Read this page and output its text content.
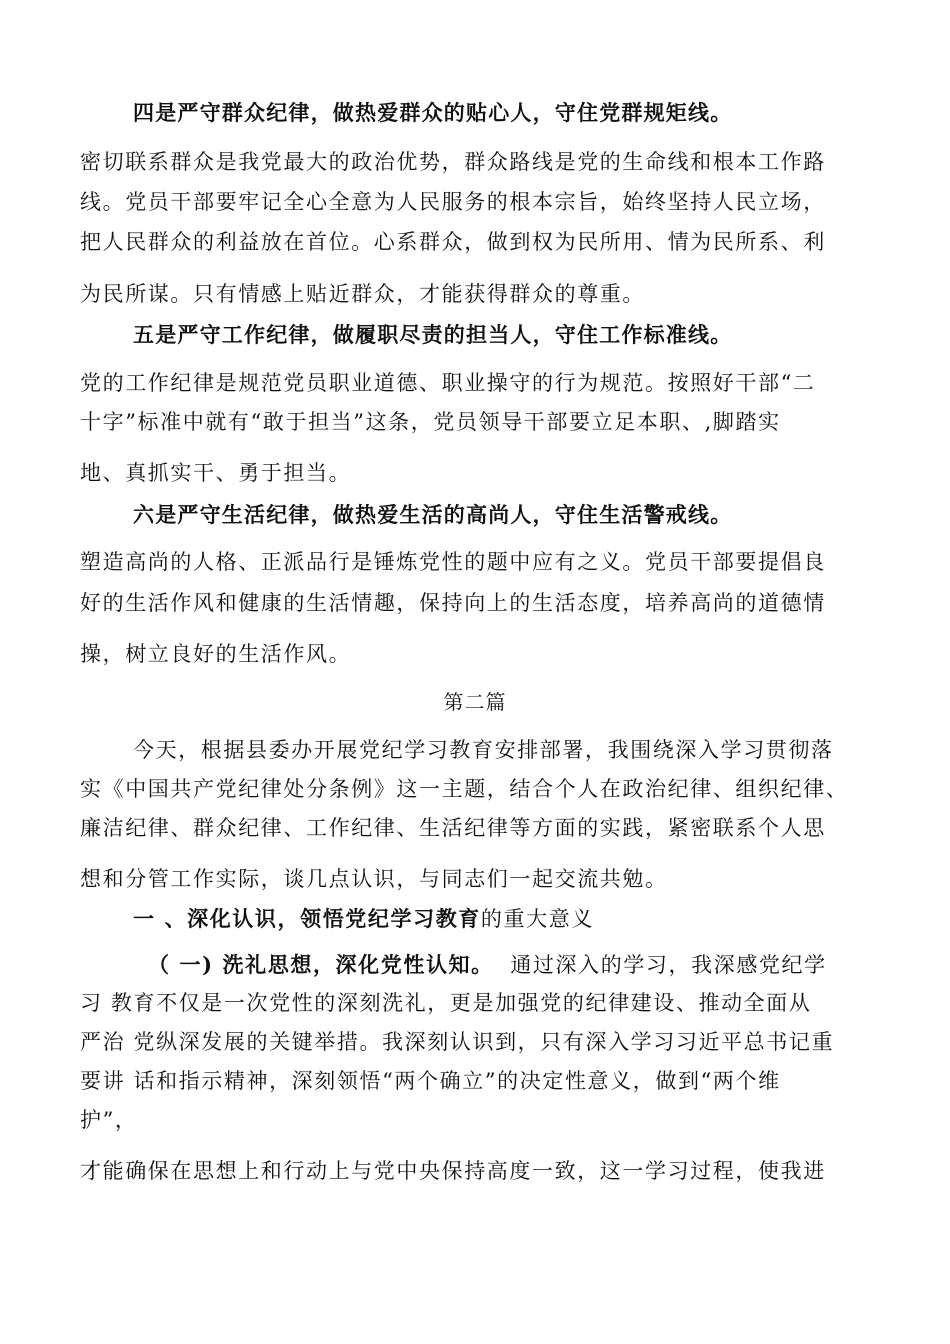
四是严守群众纪律，做热爱群众的贴心人，守住党群规矩线。
密切联系群众是我党最大的政治优势，群众路线是党的生命线和根本工作路
线。党员干部要牢记全心全意为人民服务的根本宗旨，始终坚持人民立场，
把人民群众的利益放在首位。心系群众，做到权为民所用、情为民所系、利
为民所谋。只有情感上贴近群众，才能获得群众的尊重。
五是严守工作纪律，做履职尽责的担当人，守住工作标准线。
党的工作纪律是规范党员职业道德、职业操守的行为规范。按照好干部“二
十字”标准中就有“敢于担当”这条，党员领导干部要立足本职、,脚踏实
地、真抓实干、勇于担当。
六是严守生活纪律，做热爱生活的高尚人，守住生活警戒线。
塑造高尚的人格、正派品行是锤炼党性的题中应有之义。党员干部要提倡良
好的生活作风和健康的生活情趣，保持向上的生活态度，培养高尚的道德情
操，树立良好的生活作风。
第二篇
今天，根据县委办开展党纪学习教育安排部署，我围绕深入学习贯彻落
实《中国共产党纪律处分条例》这一主题，结合个人在政治纪律、组织纪律、
廉洁纪律、群众纪律、工作纪律、生活纪律等方面的实践，紧密联系个人思
想和分管工作实际，谈几点认识，与同志们一起交流共勉。
一 、深化认识，领悟党纪学习教育的重大意义
（ 一) 洗礼思想，深化党性认知。 通过深入的学习，我深感党纪学
习 教育不仅是一次党性的深刻洗礼，更是加强党的纪律建设、推动全面从
严治 党纵深发展的关键举措。我深刻认识到，只有深入学习习近平总书记重
要讲 话和指示精神，深刻领悟“两个确立”的决定性意义，做到“两个维
护”，
才能确保在思想上和行动上与党中央保持高度一致，这一学习过程，使我进
